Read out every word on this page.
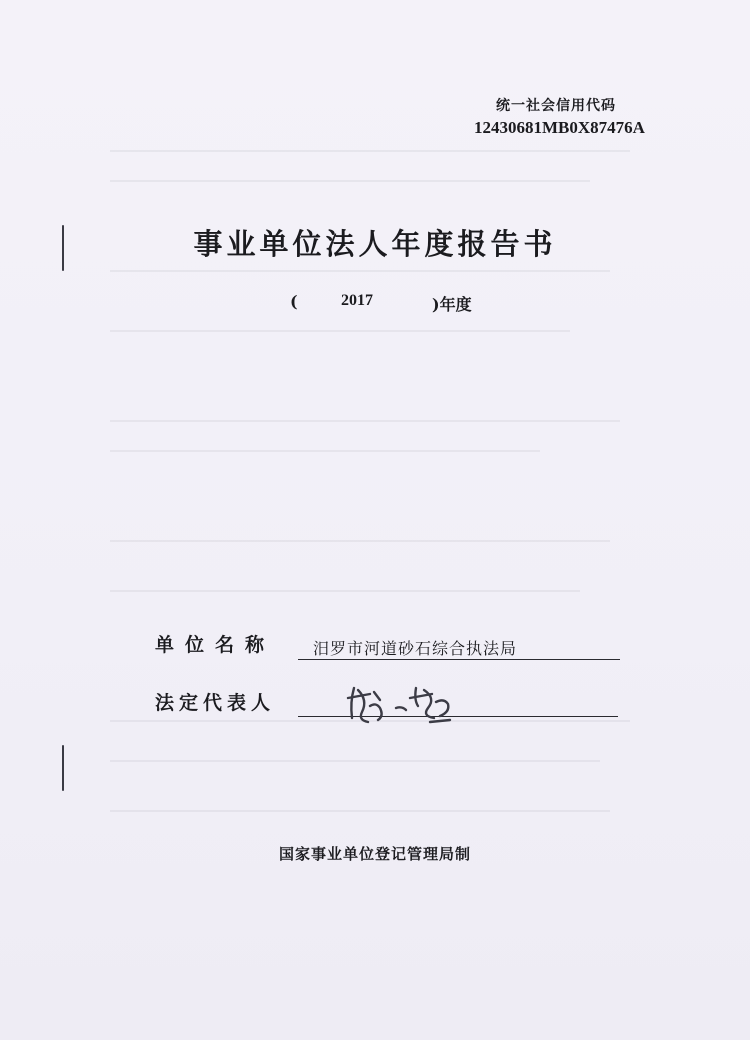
统一社会信用代码
12430681MB0X87476A
事业单位法人年度报告书
(	2017	)年度
单位名称 汨罗市河道砂石综合执法局
法定代表人
国家事业单位登记管理局制
